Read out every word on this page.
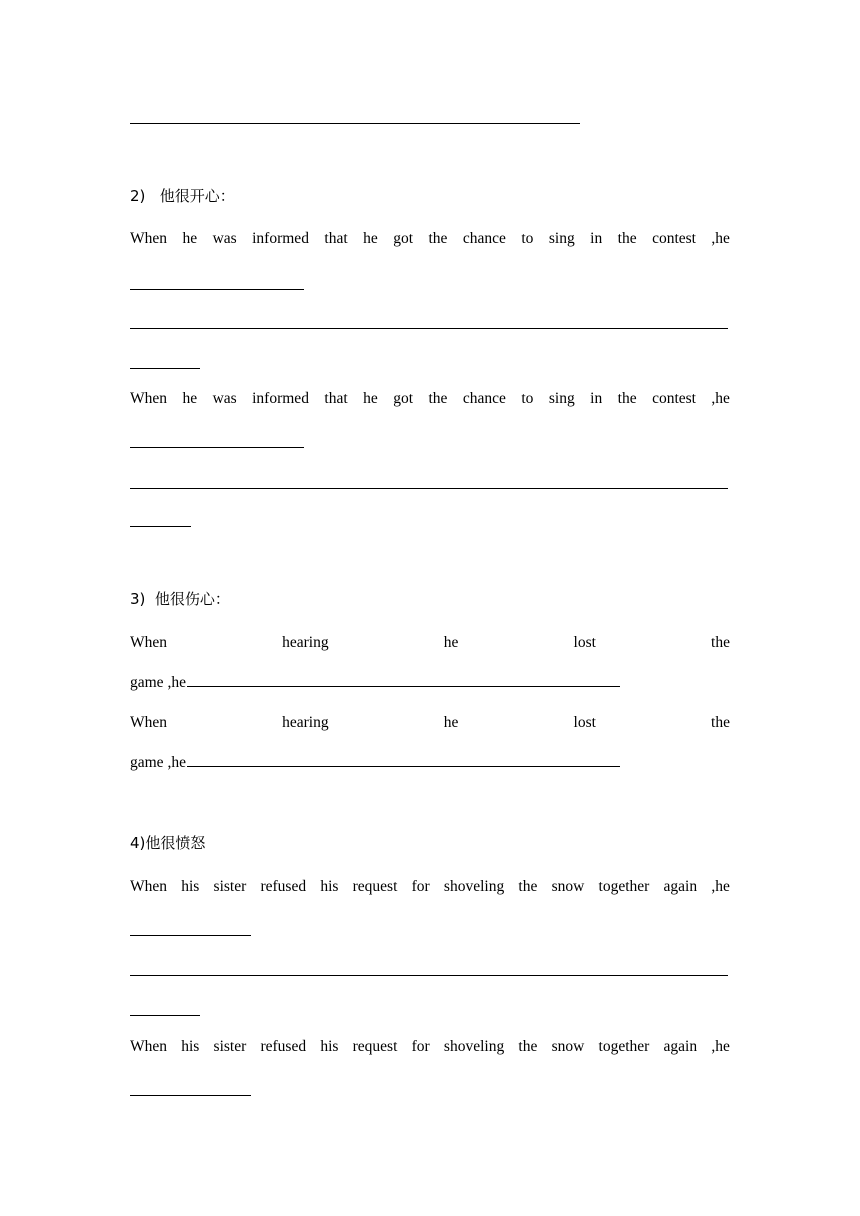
2)   他很开心：
When he was informed that he got the chance to sing in the contest ,he
When he was informed that he got the chance to sing in the contest ,he
3)  他很伤心：
When	hearing	he	lost	the
game ,he
When	hearing	he	lost	the
game ,he
4)他很愤怒
When his sister refused his request for shoveling the snow together again ,he
When his sister refused his request for shoveling the snow together again ,he
